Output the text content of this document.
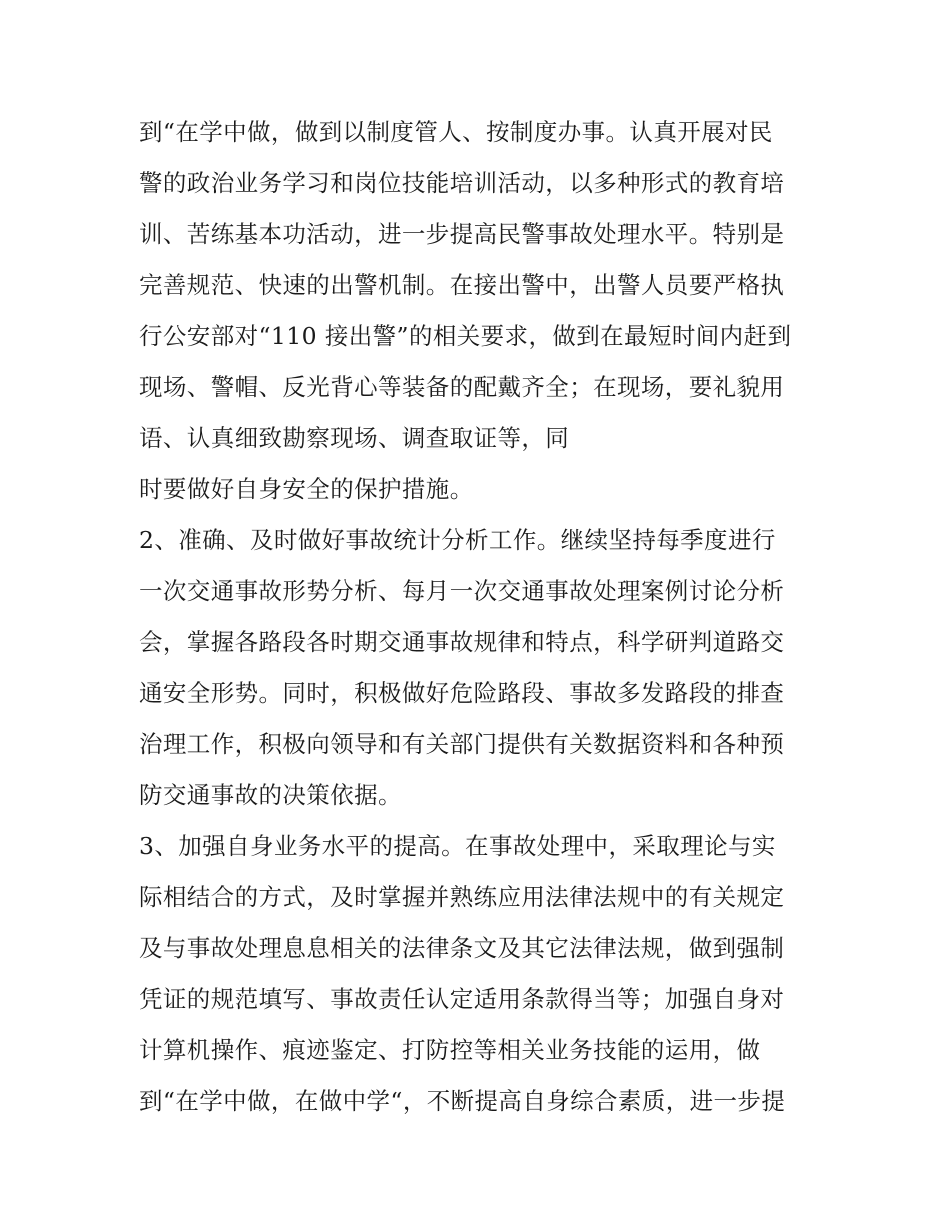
到“在学中做，做到以制度管人、按制度办事。认真开展对民
警的政治业务学习和岗位技能培训活动，以多种形式的教育培
训、苦练基本功活动，进一步提高民警事故处理水平。特别是
完善规范、快速的出警机制。在接出警中，出警人员要严格执
行公安部对“110 接出警”的相关要求，做到在最短时间内赶到
现场、警帽、反光背心等装备的配戴齐全；在现场，要礼貌用
语、认真细致勘察现场、调查取证等，同
时要做好自身安全的保护措施。
2、准确、及时做好事故统计分析工作。继续坚持每季度进行
一次交通事故形势分析、每月一次交通事故处理案例讨论分析
会，掌握各路段各时期交通事故规律和特点，科学研判道路交
通安全形势。同时，积极做好危险路段、事故多发路段的排查
治理工作，积极向领导和有关部门提供有关数据资料和各种预
防交通事故的决策依据。
3、加强自身业务水平的提高。在事故处理中，采取理论与实
际相结合的方式，及时掌握并熟练应用法律法规中的有关规定
及与事故处理息息相关的法律条文及其它法律法规，做到强制
凭证的规范填写、事故责任认定适用条款得当等；加强自身对
计算机操作、痕迹鉴定、打防控等相关业务技能的运用，做
到“在学中做，在做中学“，不断提高自身综合素质，进一步提
